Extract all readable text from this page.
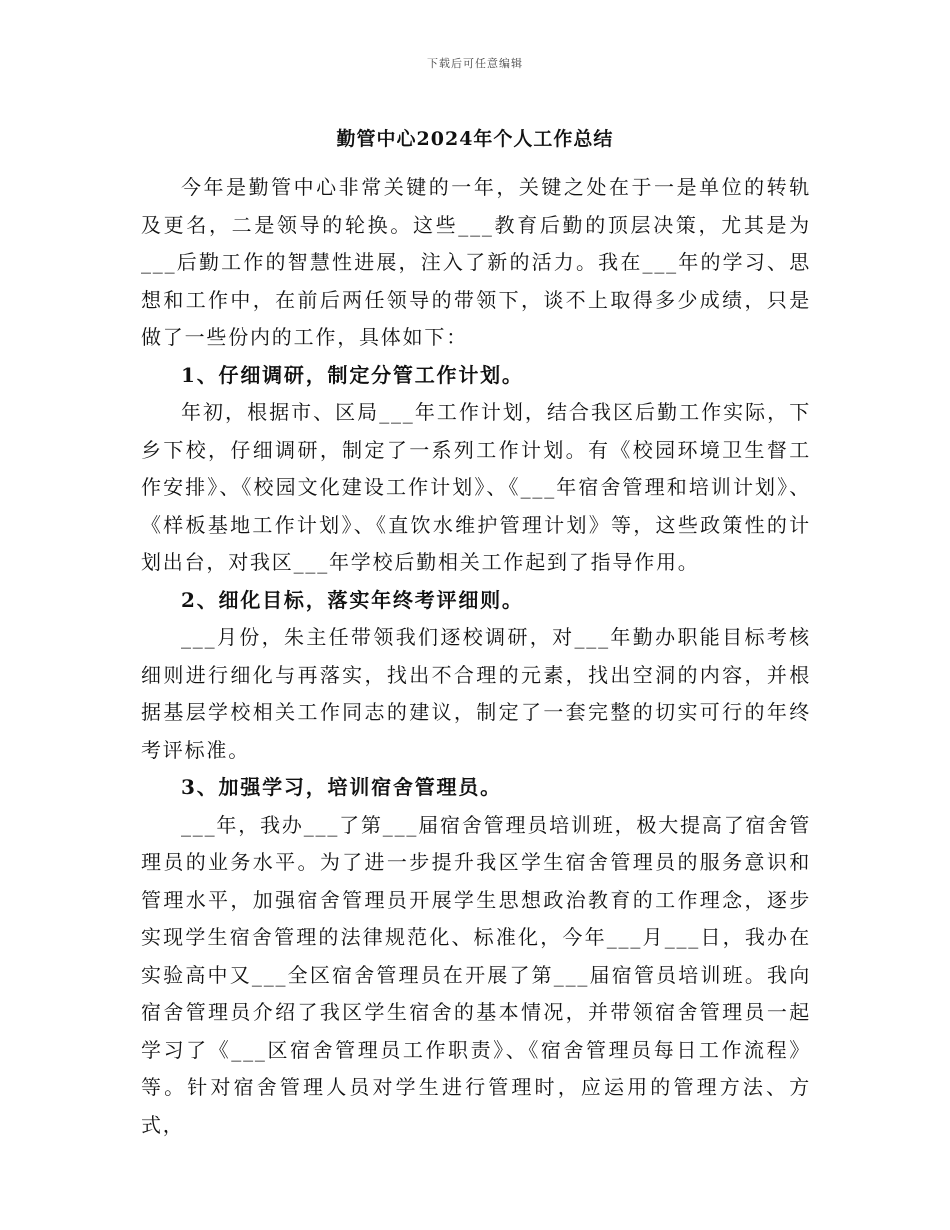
下载后可任意编辑
勤管中心2024年个人工作总结

今年是勤管中心非常关键的一年，关键之处在于一是单位的转轨及更名，二是领导的轮换。这些___教育后勤的顶层决策，尤其是为___后勤工作的智慧性进展，注入了新的活力。我在___年的学习、思想和工作中，在前后两任领导的带领下，谈不上取得多少成绩，只是做了一些份内的工作，具体如下：

1、仔细调研，制定分管工作计划。

年初，根据市、区局___年工作计划，结合我区后勤工作实际，下乡下校，仔细调研，制定了一系列工作计划。有《校园环境卫生督工作安排》、《校园文化建设工作计划》、《___年宿舍管理和培训计划》、《样板基地工作计划》、《直饮水维护管理计划》等，这些政策性的计划出台，对我区___年学校后勤相关工作起到了指导作用。

2、细化目标，落实年终考评细则。

___月份，朱主任带领我们逐校调研，对___年勤办职能目标考核细则进行细化与再落实，找出不合理的元素，找出空洞的内容，并根据基层学校相关工作同志的建议，制定了一套完整的切实可行的年终考评标准。

3、加强学习，培训宿舍管理员。

___年，我办___了第___届宿舍管理员培训班，极大提高了宿舍管理员的业务水平。为了进一步提升我区学生宿舍管理员的服务意识和管理水平，加强宿舍管理员开展学生思想政治教育的工作理念，逐步实现学生宿舍管理的法律规范化、标准化，今年___月___日，我办在实验高中又___全区宿舍管理员在开展了第___届宿管员培训班。我向宿舍管理员介绍了我区学生宿舍的基本情况，并带领宿舍管理员一起学习了《___区宿舍管理员工作职责》、《宿舍管理员每日工作流程》等。针对宿舍管理人员对学生进行管理时，应运用的管理方法、方式，
